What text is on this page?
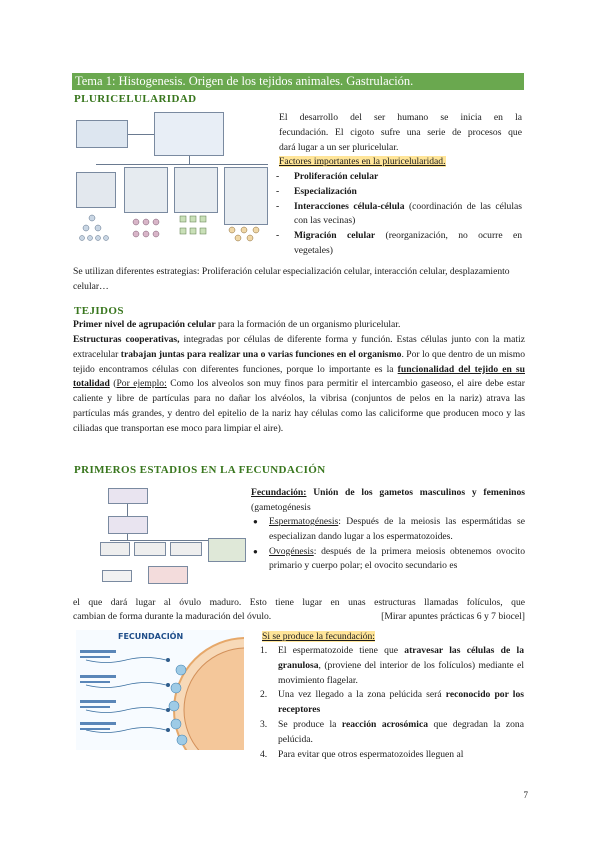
Tema 1: Histogenesis. Origen de los tejidos animales. Gastrulación.
PLURICELULARIDAD
El desarrollo del ser humano se inicia en la
fecundación. El cigoto sufre una serie de procesos que
dará lugar a un ser pluricelular.
Factores importantes en la pluricelularidad.
- Proliferación celular
- Especialización
- Interacciones célula-célula (coordinación de las células con las vecinas)
- Migración celular (reorganización, no ocurre en vegetales)
Se utilizan diferentes estrategias: Proliferación celular especialización celular, interacción celular, desplazamiento celular…
TEJIDOS
Primer nivel de agrupación celular para la formación de un organismo pluricelular.
Estructuras cooperativas, integradas por células de diferente forma y función. Estas células junto con la matiz extracelular trabajan juntas para realizar una o varias funciones en el organismo. Por lo que dentro de un mismo tejido encontramos células con diferentes funciones, porque lo importante es la funcionalidad del tejido en su totalidad (Por ejemplo: Como los alveolos son muy finos para permitir el intercambio gaseoso, el aire debe estar caliente y libre de partículas para no dañar los alvéolos, la vibrisa (conjuntos de pelos en la nariz) atrava las partículas más grandes, y dentro del epitelio de la nariz hay células como las caliciforme que producen moco y las ciliadas que transportan ese moco para limpiar el aire).
PRIMEROS ESTADIOS EN LA FECUNDACIÓN
Fecundación: Unión de los gametos masculinos y femeninos (gametogénesis
● Espermatogénesis: Después de la meiosis las espermátidas se especializan dando lugar a los espermatozoides.
● Ovogénesis: después de la primera meiosis obtenemos ovocito primario y cuerpo polar; el ovocito secundario es
el que dará lugar al óvulo maduro. Esto tiene lugar en unas estructuras llamadas folículos, que
cambian de forma durante la maduración del óvulo.	[Mirar apuntes prácticas 6 y 7 biocel]
FECUNDACIÓN	Si se produce la fecundación:
1. El espermatozoide tiene que atravesar las células de la granulosa, (proviene del interior de los folículos) mediante el movimiento flagelar.
2. Una vez llegado a la zona pelúcida será reconocido por los receptores
3. Se produce la reacción acrosómica que degradan la zona pelúcida.
4. Para evitar que otros espermatozoides lleguen al
7
